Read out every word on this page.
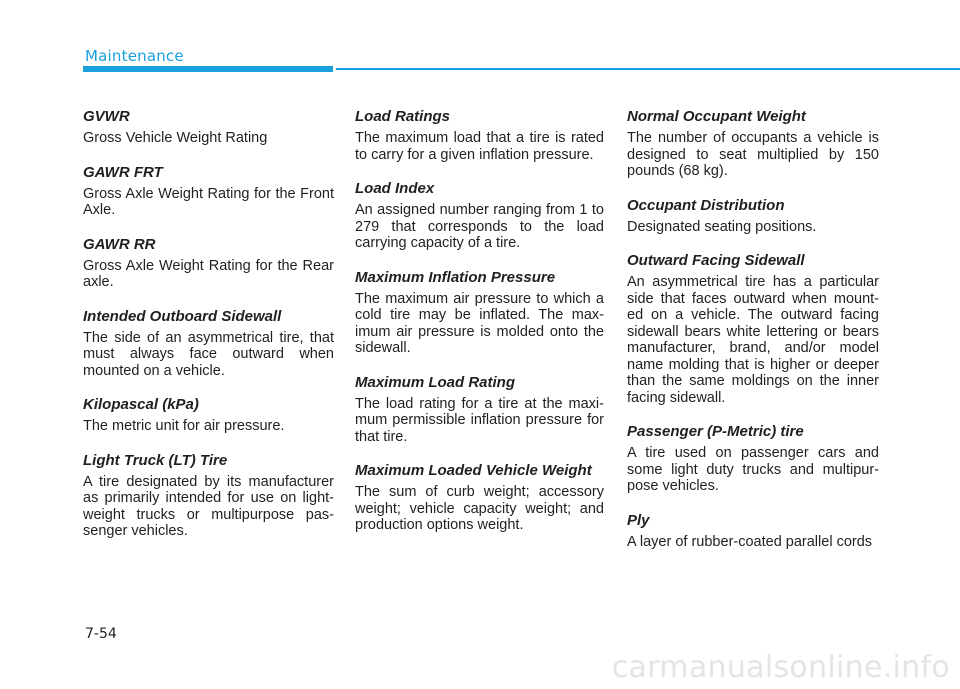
Maintenance
GVWR

Gross Vehicle Weight Rating

GAWR FRT

Gross Axle Weight Rating for the Front Axle.

GAWR RR

Gross Axle Weight Rating for the Rear axle.

Intended Outboard Sidewall

The side of an asymmetrical tire, that must always face outward when mounted on a vehicle.

Kilopascal (kPa)

The metric unit for air pressure.

Light Truck (LT) Tire

A tire designated by its manufacturer as primarily intended for use on light-weight trucks or multipurpose pas-senger vehicles.

Load Ratings

The maximum load that a tire is rated to carry for a given inflation pressure.

Load Index

An assigned number ranging from 1 to 279 that corresponds to the load carrying capacity of a tire.

Maximum Inflation Pressure

The maximum air pressure to which a cold tire may be inflated. The max-imum air pressure is molded onto the sidewall.

Maximum Load Rating

The load rating for a tire at the maxi-mum permissible inflation pressure for that tire.

Maximum Loaded Vehicle Weight

The sum of curb weight; accessory weight; vehicle capacity weight; and production options weight.

Normal Occupant Weight

The number of occupants a vehicle is designed to seat multiplied by 150 pounds (68 kg).

Occupant Distribution

Designated seating positions.

Outward Facing Sidewall

An asymmetrical tire has a particular side that faces outward when mount-ed on a vehicle. The outward facing sidewall bears white lettering or bears manufacturer, brand, and/or model name molding that is higher or deeper than the same moldings on the inner facing sidewall.

Passenger (P-Metric) tire

A tire used on passenger cars and some light duty trucks and multipur-pose vehicles.

Ply

A layer of rubber-coated parallel cords

7-54
carmanualsonline.info
